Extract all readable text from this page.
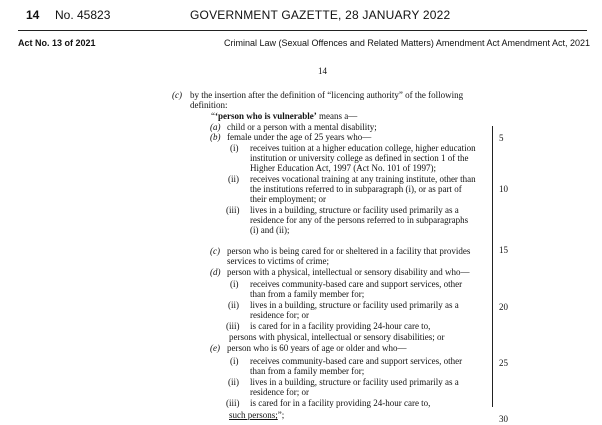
14 No. 45823	GOVERNMENT GAZETTE, 28 JANUARY 2022
Act No. 13 of 2021	Criminal Law (Sexual Offences and Related Matters) Amendment Act Amendment Act, 2021
14
5
10
15
20
25
30
(c) by the insertion after the definition of “licencing authority” of the following
definition:
“‘person who is vulnerable’ means a—
(a) child or a person with a mental disability;
(b) female under the age of 25 years who—
(i) receives tuition at a higher education college, higher education
institution or university college as defined in section 1 of the
Higher Education Act, 1997 (Act No. 101 of 1997);
(ii) receives vocational training at any training institute, other than
the institutions referred to in subparagraph (i), or as part of
their employment; or
(iii) lives in a building, structure or facility used primarily as a
residence for any of the persons referred to in subparagraphs
(i) and (ii);
(c) person who is being cared for or sheltered in a facility that provides
services to victims of crime;
(d) person with a physical, intellectual or sensory disability and who—
(i) receives community-based care and support services, other
than from a family member for;
(ii) lives in a building, structure or facility used primarily as a
residence for; or
(iii) is cared for in a facility providing 24-hour care to,
persons with physical, intellectual or sensory disabilities; or
(e) person who is 60 years of age or older and who—
(i) receives community-based care and support services, other
than from a family member for;
(ii) lives in a building, structure or facility used primarily as a
residence for; or
(iii) is cared for in a facility providing 24-hour care to,
such persons;”;
